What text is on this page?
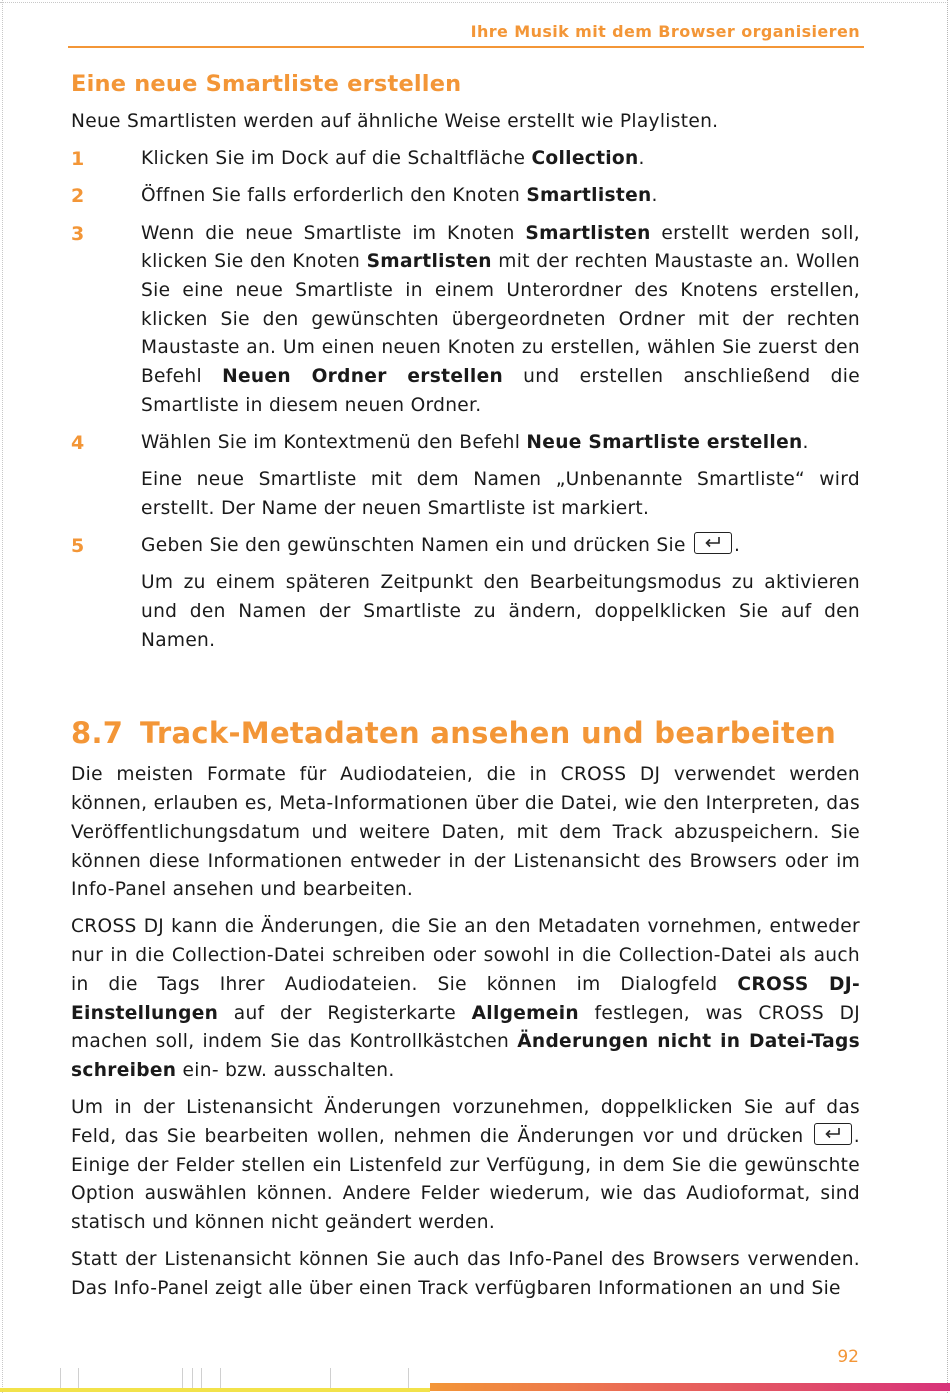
Ihre Musik mit dem Browser organisieren
Eine neue Smartliste erstellen

Neue Smartlisten werden auf ähnliche Weise erstellt wie Playlisten.

1	Klicken Sie im Dock auf die Schaltfläche Collection.

2	Öffnen Sie falls erforderlich den Knoten Smartlisten.

3	Wenn die neue Smartliste im Knoten Smartlisten erstellt werden soll, klicken Sie den Knoten Smartlisten mit der rechten Maustaste an. Wollen Sie eine neue Smartliste in einem Unterordner des Knotens erstellen, klicken Sie den gewünschten übergeordneten Ordner mit der rechten Maustaste an. Um einen neuen Knoten zu erstellen, wählen Sie zuerst den Befehl Neuen Ordner erstellen und erstellen anschließend die Smartliste in diesem neuen Ordner.

4	Wählen Sie im Kontextmenü den Befehl Neue Smartliste erstellen.

Eine neue Smartliste mit dem Namen „Unbenannte Smartliste“ wird erstellt. Der Name der neuen Smartliste ist markiert.

5	Geben Sie den gewünschten Namen ein und drücken Sie
.

Um zu einem späteren Zeitpunkt den Bearbeitungsmodus zu aktivieren und den Namen der Smartliste zu ändern, doppelklicken Sie auf den Namen.

8.7 Track-Metadaten ansehen und bearbeiten

Die meisten Formate für Audiodateien, die in CROSS DJ verwendet werden können, erlauben es, Meta-Informationen über die Datei, wie den Interpreten, das Veröffentlichungsdatum und weitere Daten, mit dem Track abzuspeichern. Sie können diese Informationen entweder in der Listenansicht des Browsers oder im Info-Panel ansehen und bearbeiten.

CROSS DJ kann die Änderungen, die Sie an den Metadaten vornehmen, entweder nur in die Collection-Datei schreiben oder sowohl in die Collection-Datei als auch in die Tags Ihrer Audiodateien. Sie können im Dialogfeld CROSS DJ-Einstellungen auf der Registerkarte Allgemein festlegen, was CROSS DJ machen soll, indem Sie das Kontrollkästchen Änderungen nicht in Datei-Tags schreiben ein- bzw. ausschalten.

Um in der Listenansicht Änderungen vorzunehmen, doppelklicken Sie auf das Feld, das Sie bearbeiten wollen, nehmen die Änderungen vor und drücken
. Einige der Felder stellen ein Listenfeld zur Verfügung, in dem Sie die gewünschte Option auswählen können. Andere Felder wiederum, wie das Audioformat, sind statisch und können nicht geändert werden.

Statt der Listenansicht können Sie auch das Info-Panel des Browsers verwenden. Das Info-Panel zeigt alle über einen Track verfügbaren Informationen an und Sie

92
